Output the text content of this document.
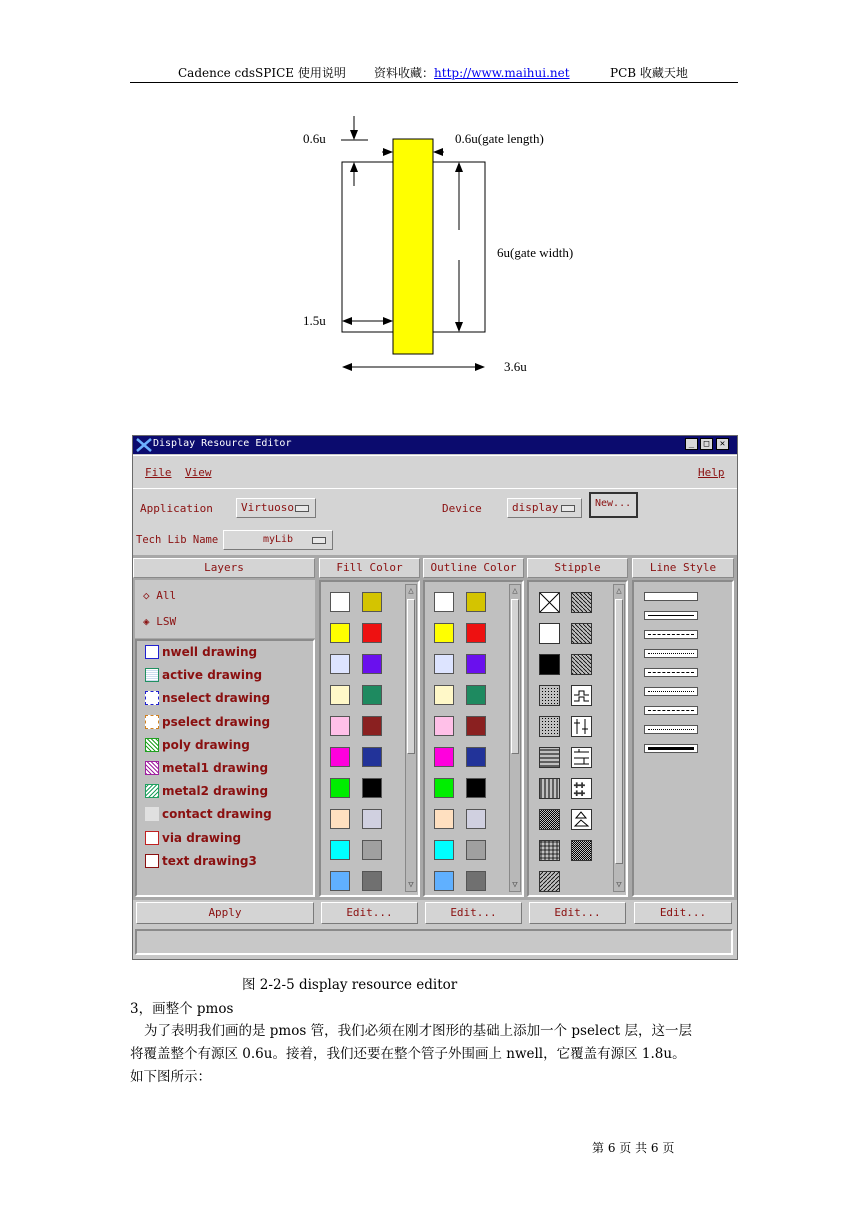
Cadence cdsSPICE 使用说明 资料收藏：http://www.maihui.net	PCB 收藏天地
0.6u	0.6u(gate length)
6u(gate width)
1.5u
3.6u
Display Resource Editor	_	□	✕
File View	Help
Application	Virtuoso	Device	display	New...
Tech Lib Name	myLib
Layers	Fill Color	Outline Color	Stipple	Line Style
◇ All
◈ LSW
nwell drawing
active drawing
nselect drawing
pselect drawing
poly drawing
metal1 drawing
metal2 drawing
contact drawing
via drawing
text drawing3
△
▽
△
▽
++
++
△
▽
Apply	Edit...	Edit...	Edit...	Edit...
图 2-2-5 display resource editor
3，画整个 pmos
为了表明我们画的是 pmos 管，我们必须在刚才图形的基础上添加一个 pselect 层，这一层
将覆盖整个有源区 0.6u。接着，我们还要在整个管子外围画上 nwell，它覆盖有源区 1.8u。
如下图所示：
第 6 页 共 6 页
